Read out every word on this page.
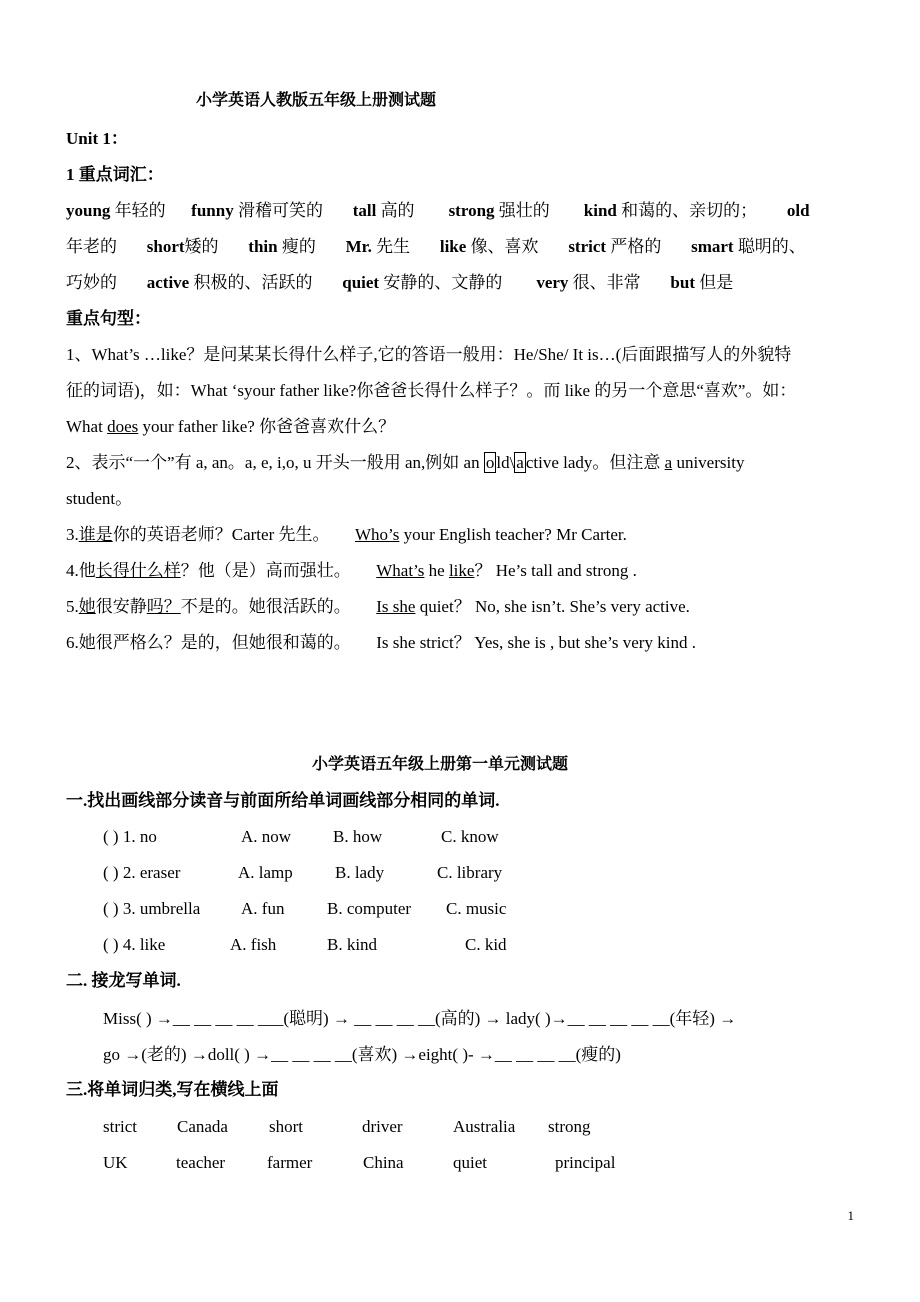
小学英语人教版五年级上册测试题
Unit 1：
1 重点词汇：
young 年轻的 funny 滑稽可笑的 tall 高的 strong 强壮的 kind 和蔼的、亲切的； old
年老的 short矮的 thin 瘦的 Mr. 先生 like 像、喜欢 strict 严格的 smart 聪明的、
巧妙的 active 积极的、活跃的 quiet 安静的、文静的 very 很、非常 but 但是
重点句型：
1、What’s …like？是问某某长得什么样子,它的答语一般用：He/She/ It is…(后面跟描写人的外貌特
征的词语)，如：What ‘syour father like?你爸爸长得什么样子？。而 like 的另一个意思“喜欢”。如：
What does your father like? 你爸爸喜欢什么？
2、表示“一个”有 a, an。a, e, i,o, u 开头一般用 an,例如 an o ld\ a ctive lady。但注意 a university
student。
3.谁是你的英语老师？Carter 先生。 Who’s your English teacher? Mr Carter.
4.他长得什么样？他（是）高而强壮。 What’s he like？ He’s tall and strong .
5.她很安静吗？不是的。她很活跃的。 Is she quiet？ No, she isn’t. She’s very active.
6.她很严格么？是的，但她很和蔼的。 Is she strict？ Yes, she is , but she’s very kind .
小学英语五年级上册第一单元测试题
一.找出画线部分读音与前面所给单词画线部分相同的单词.
( ) 1. no	A. now B. how	C. know
( ) 2. eraser	A. lamp B. lady	C. library
( ) 3. umbrella A. fun	B. computer C. music
( ) 4. like	A. fish	B. kind	C. kid
二. 接龙写单词.
Miss( ) →__ __ __ __ ___(聪明) → __ __ __ __(高的) → lady( )→__ __ __ __ __(年轻) →
go →(老的) →doll( ) →__ __ __ __(喜欢) →eight( )- →__ __ __ __(瘦的)
三.将单词归类,写在横线上面
strict Canada short	driver	Australia strong
UK	teacher farmer	China	quiet	principal
1
